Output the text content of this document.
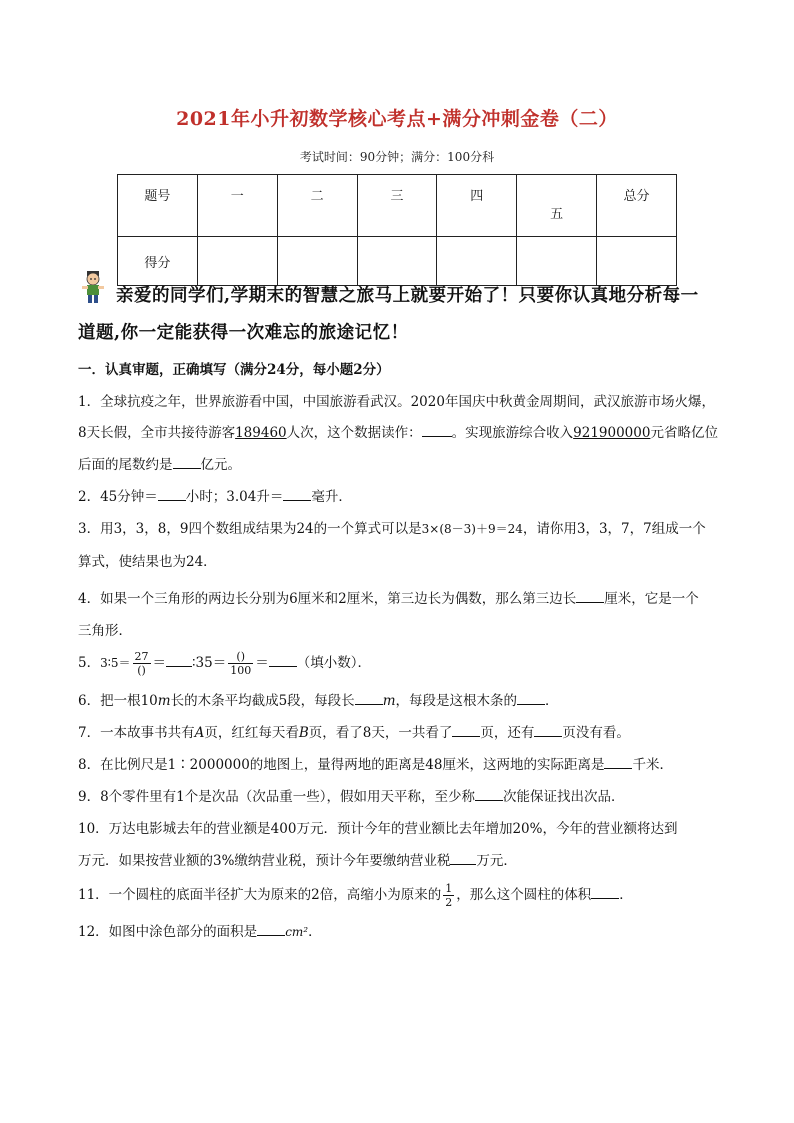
2021年小升初数学核心考点+满分冲刺金卷（二）
考试时间：90分钟；满分：100分科
题号	一	二	三	四	五	总分
得分						
亲爱的同学们,学期末的智慧之旅马上就要开始了！只要你认真地分析每一
道题,你一定能获得一次难忘的旅途记忆！
一．认真审题，正确填写（满分24分，每小题2分）
1．全球抗疫之年，世界旅游看中国，中国旅游看武汉。2020年国庆中秋黄金周期间，武汉旅游市场火爆，
8天长假，全市共接待游客189460人次，这个数据读作： 。实现旅游综合收入921900000元省略亿位
后面的尾数约是 亿元。
2．45分钟＝ 小时；3.04升＝ 毫升．
3．用3，3，8，9四个数组成结果为24的一个算式可以是3×(8－3)＋9＝24，请你用3，3，7，7组成一个
算式，使结果也为24．
4．如果一个三角形的两边长分别为6厘米和2厘米，第三边长为偶数，那么第三边长 厘米，它是一个
三角形．
5．3∶5＝ $\frac{27}{()}$ ＝ ∶35＝ $\frac{()}{100}$ ＝ （填小数）．
6．把一根10m长的木条平均截成5段，每段长 m，每段是这根木条的 ．
7．一本故事书共有A页，红红每天看B页，看了8天，一共看了 页，还有 页没有看。
8．在比例尺是1∶2000000的地图上，量得两地的距离是48厘米，这两地的实际距离是 千米．
9．8个零件里有1个是次品（次品重一些），假如用天平称，至少称 次能保证找出次品．
10．万达电影城去年的营业额是400万元．预计今年的营业额比去年增加20%，今年的营业额将达到
万元．如果按营业额的3%缴纳营业税，预计今年要缴纳营业税 万元．
11．一个圆柱的底面半径扩大为原来的2倍，高缩小为原来的 $\frac{1}{2}$ ，那么这个圆柱的体积 ．
12．如图中涂色部分的面积是 cm²．
